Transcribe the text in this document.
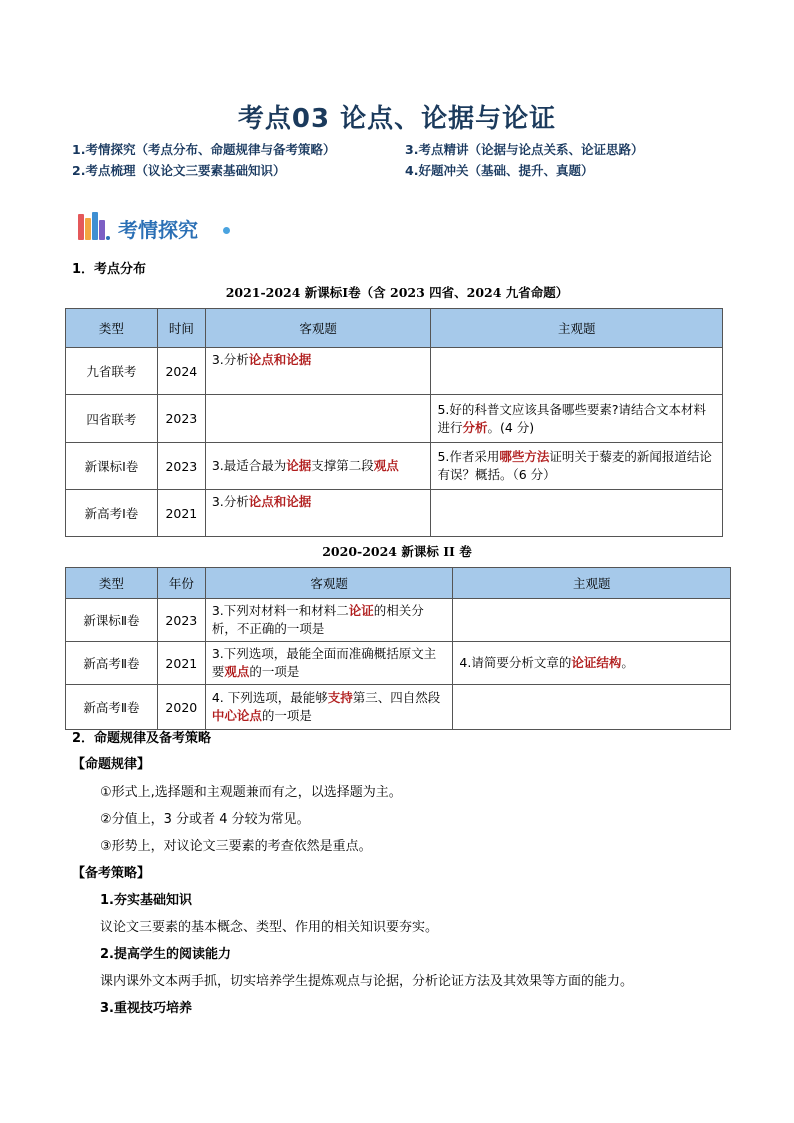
考点03 论点、论据与论证
1.考情探究（考点分布、命题规律与备考策略）
2.考点梳理（议论文三要素基础知识）
3.考点精讲（论据与论点关系、论证思路）
4.好题冲关（基础、提升、真题）
考情探究
1．考点分布
2021-2024 新课标Ⅰ卷（含 2023 四省、2024 九省命题）
类型	时间	客观题	主观题
九省联考	2024	3.分析论点和论据	
四省联考	2023		5.好的科普文应该具备哪些要素?请结合文本材料进行分析。(4 分)
新课标Ⅰ卷	2023	3.最适合最为论据支撑第二段观点	5.作者采用哪些方法证明关于藜麦的新闻报道结论有误？概括。（6 分）
新高考Ⅰ卷	2021	3.分析论点和论据	
2020-2024 新课标 II 卷
类型	年份	客观题	主观题
新课标Ⅱ卷	2023	3.下列对材料一和材料二论证的相关分析，不正确的一项是	
新高考Ⅱ卷	2021	3.下列选项，最能全面而准确概括原文主要观点的一项是	4.请简要分析文章的论证结构。
新高考Ⅱ卷	2020	4. 下列选项，最能够支持第三、四自然段中心论点的一项是	
2．命题规律及备考策略
【命题规律】
①形式上,选择题和主观题兼而有之，以选择题为主。
②分值上，3 分或者 4 分较为常见。
③形势上，对议论文三要素的考查依然是重点。
【备考策略】
1.夯实基础知识
议论文三要素的基本概念、类型、作用的相关知识要夯实。
2.提高学生的阅读能力
课内课外文本两手抓，切实培养学生提炼观点与论据，分析论证方法及其效果等方面的能力。
3.重视技巧培养
